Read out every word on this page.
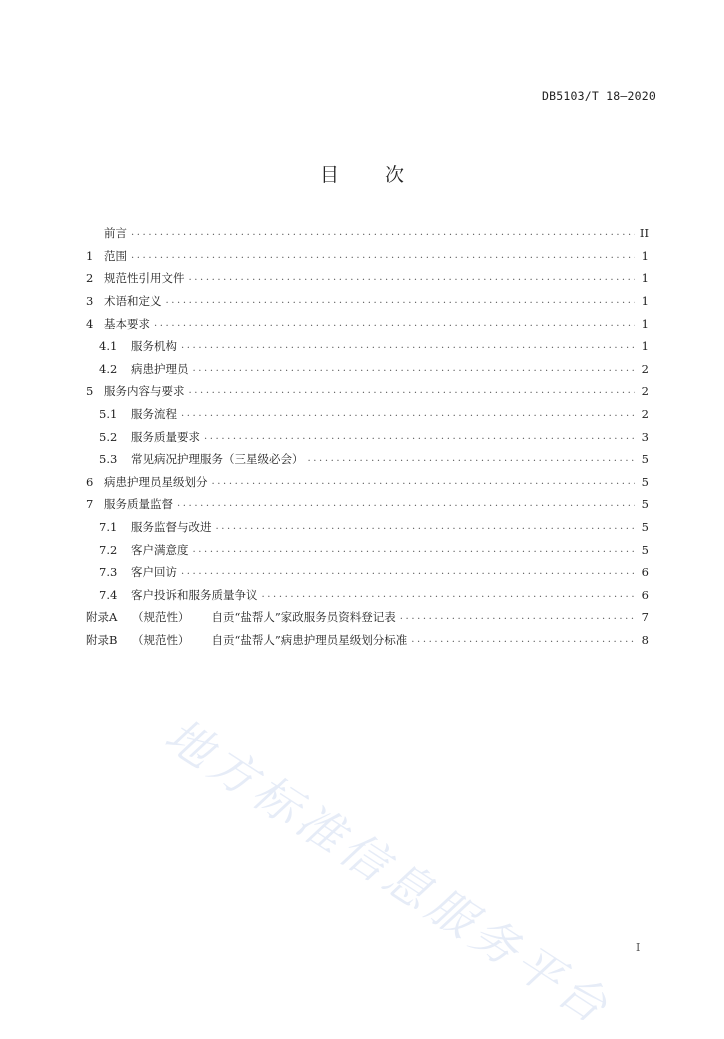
DB5103/T 18—2020
目 次
前言 .....	II
1 范围 .....	1
2 规范性引用文件 .....	1
3 术语和定义 .....	1
4 基本要求 .....	1
4.1	服务机构 .....	1
4.2	病患护理员 .....	2
5 服务内容与要求 .....	2
5.1	服务流程 .....	2
5.2	服务质量要求 .....	3
5.3	常见病况护理服务（三星级必会） .....	5
6 病患护理员星级划分 .....	5
7 服务质量监督 .....	5
7.1	服务监督与改进 .....	5
7.2	客户满意度 .....	5
7.3	客户回访 .....	6
7.4	客户投诉和服务质量争议 .....	6
附录A （规范性） 自贡“盐帮人”家政服务员资料登记表 .....	7
附录B （规范性） 自贡“盐帮人”病患护理员星级划分标准 .....	8
地方标准信息服务平台	I
